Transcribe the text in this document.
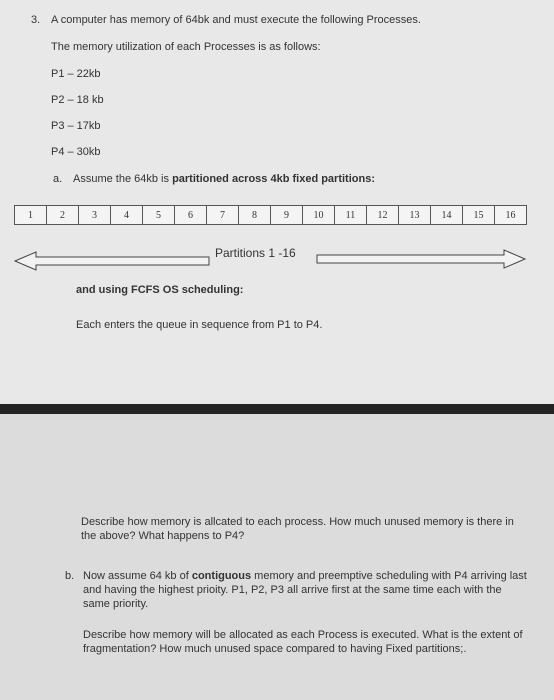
3. A computer has memory of 64bk and must execute the following Processes.
The memory utilization of each Processes is as follows:
P1 – 22kb
P2 – 18 kb
P3 – 17kb
P4 – 30kb
a. Assume the 64kb is partitioned across 4kb fixed partitions:
1	2	3	4	5	6	7	8	9	10	11	12	13	14	15	16
Partitions 1 -16
and using FCFS OS scheduling:
Each enters the queue in sequence from P1 to P4.
Describe how memory is allcated to each process. How much unused memory is there in the above? What happens to P4?
b. Now assume 64 kb of contiguous memory and preemptive scheduling with P4 arriving last and having the highest prioity. P1, P2, P3 all arrive first at the same time each with the same priority.
Describe how memory will be allocated as each Process is executed. What is the extent of fragmentation? How much unused space compared to having Fixed partitions;.
